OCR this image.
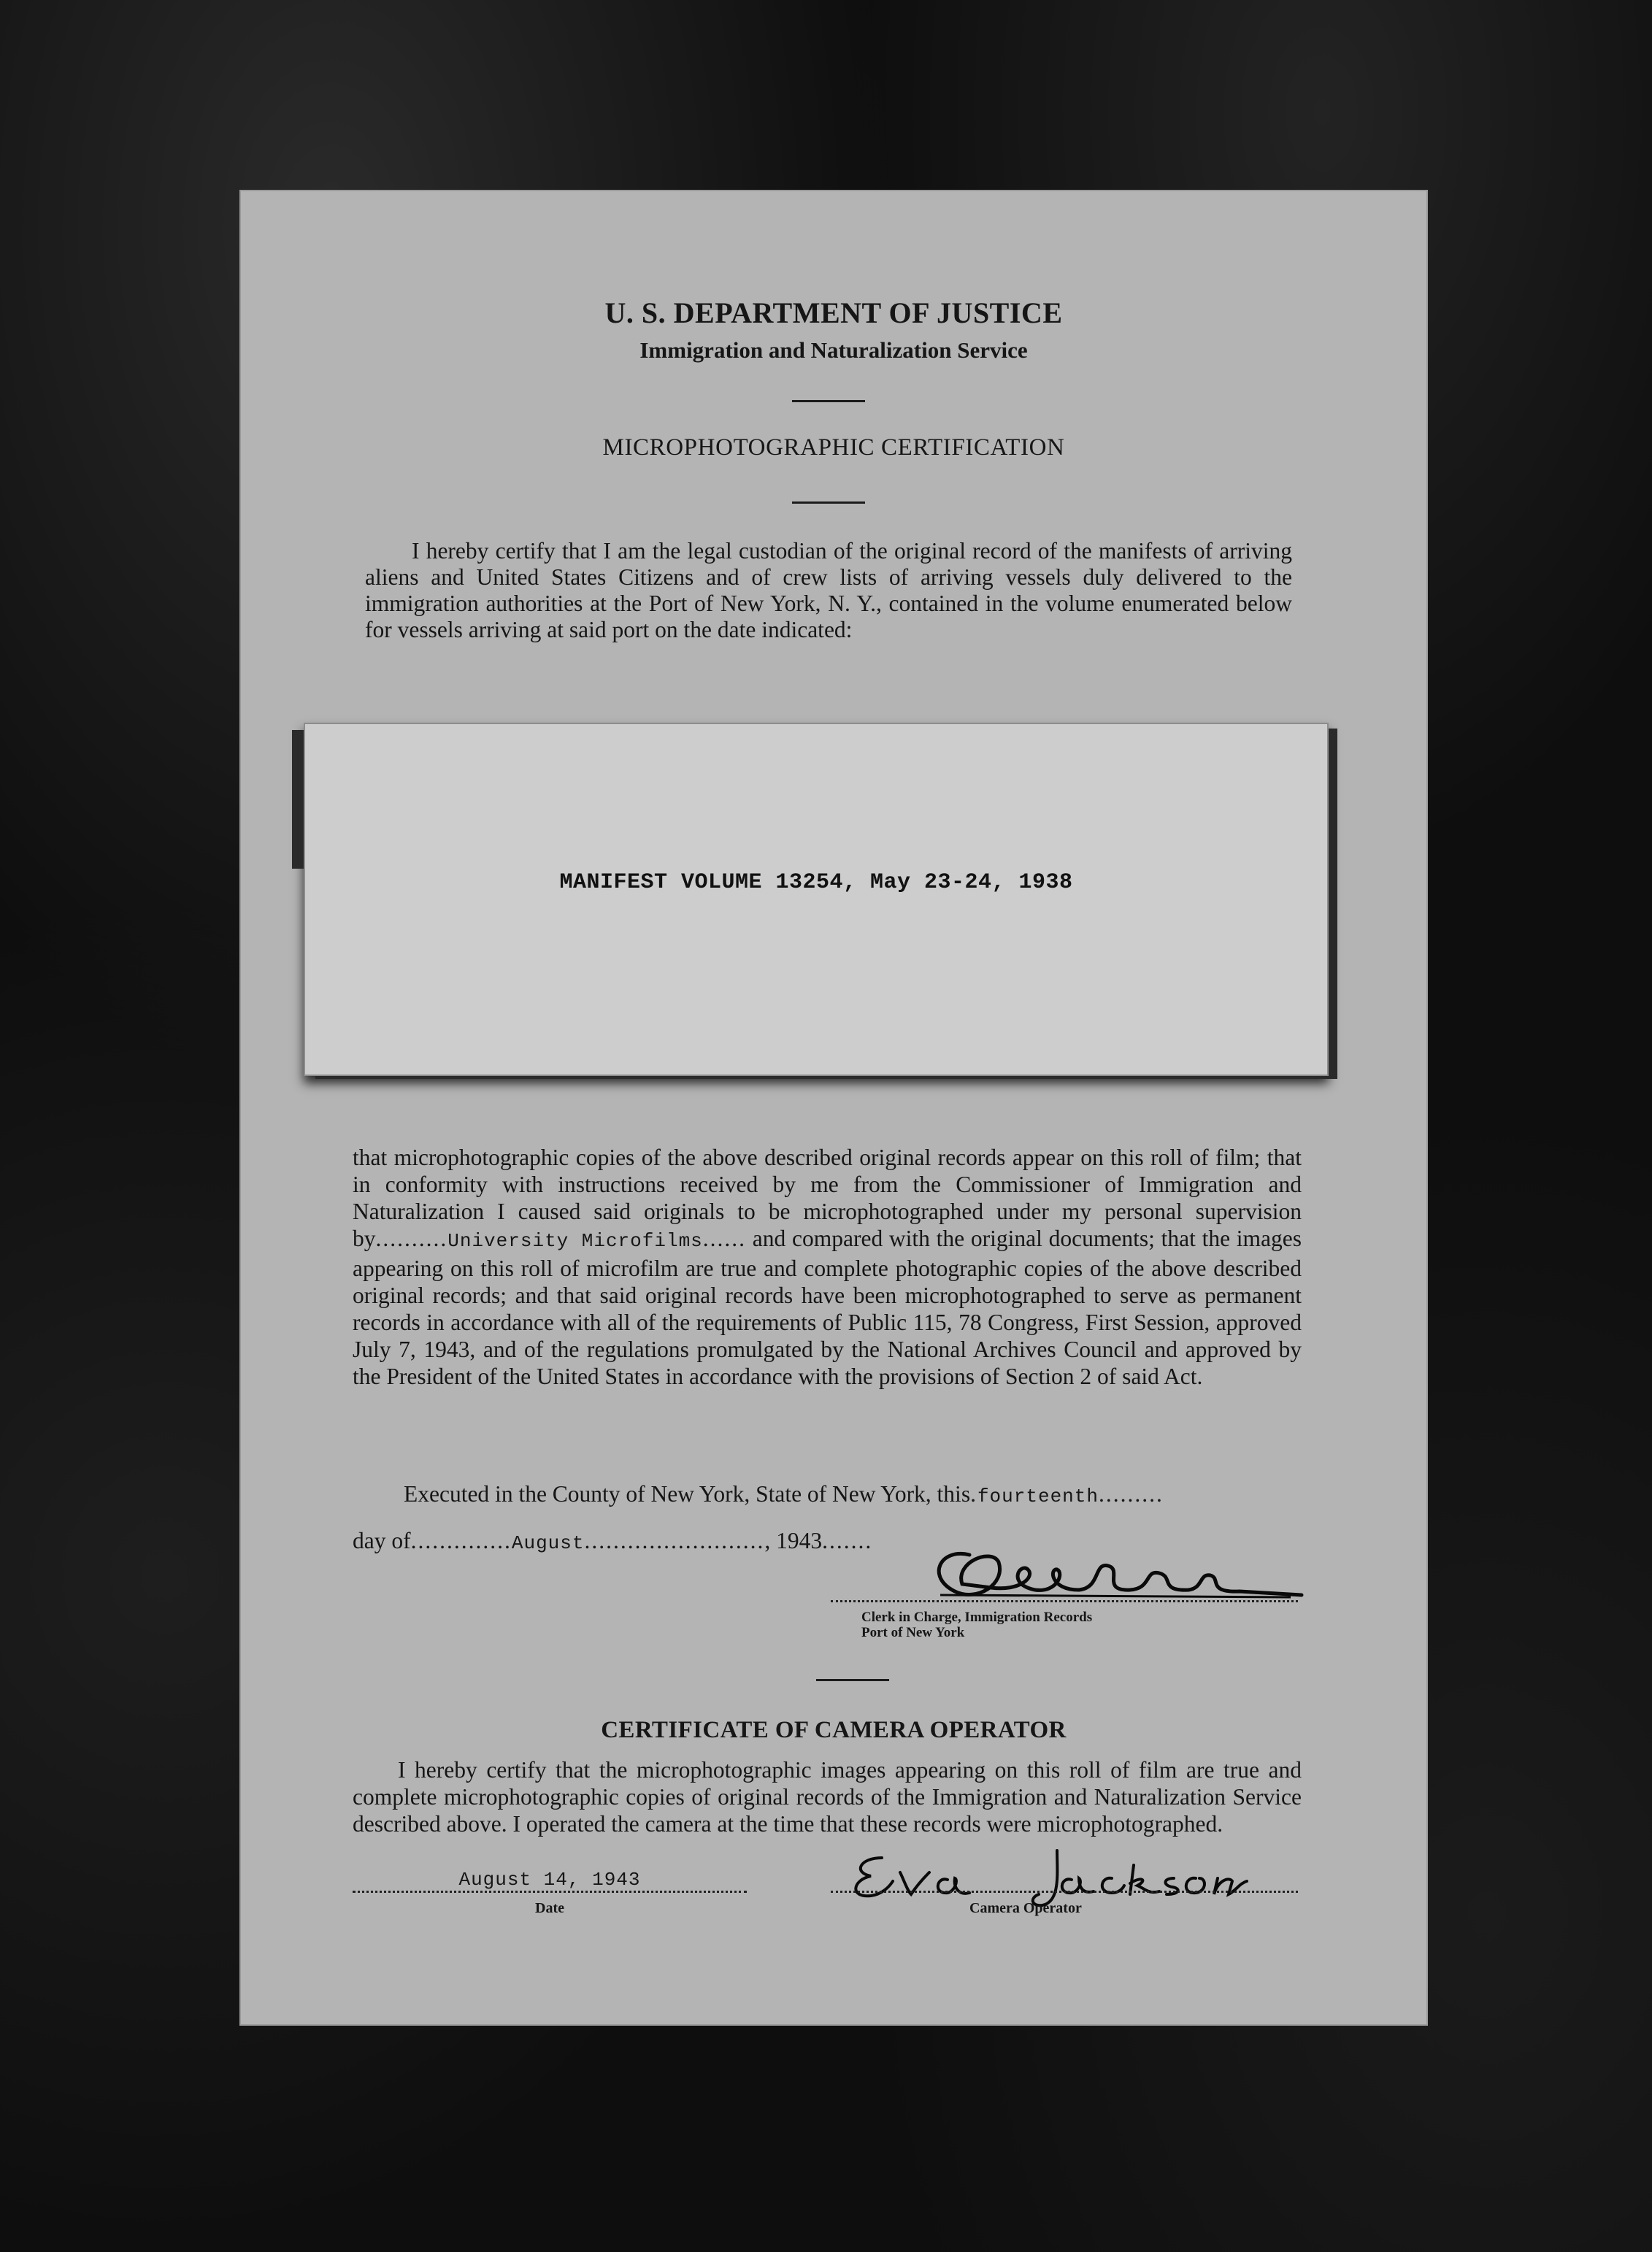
U. S. DEPARTMENT OF JUSTICE
Immigration and Naturalization Service
MICROPHOTOGRAPHIC CERTIFICATION
I hereby certify that I am the legal custodian of the original record of the manifests of arriving aliens and United States Citizens and of crew lists of arriving vessels duly delivered to the immigration authorities at the Port of New York, N. Y., contained in the volume enumerated below for vessels arriving at said port on the date indicated:
MANIFEST VOLUME 13254, May 23-24, 1938
that microphotographic copies of the above described original records appear on this roll of film; that in conformity with instructions received by me from the Commissioner of Immigration and Naturalization I caused said originals to be microphotographed under my personal supervision by..........University Microfilms...... and compared with the original documents; that the images appearing on this roll of microfilm are true and complete photographic copies of the above described original records; and that said original records have been microphotographed to serve as permanent records in accordance with all of the requirements of Public 115, 78 Congress, First Session, approved July 7, 1943, and of the regulations promulgated by the National Archives Council and approved by the President of the United States in accordance with the provisions of Section 2 of said Act.
Executed in the County of New York, State of New York, this.fourteenth.........
day of..............August........................., 1943.......
Clerk in Charge, Immigration Records
Port of New York
CERTIFICATE OF CAMERA OPERATOR
I hereby certify that the microphotographic images appearing on this roll of film are true and complete microphotographic copies of original records of the Immigration and Naturalization Service described above. I operated the camera at the time that these records were microphotographed.
August 14, 1943
Date	Camera Operator
